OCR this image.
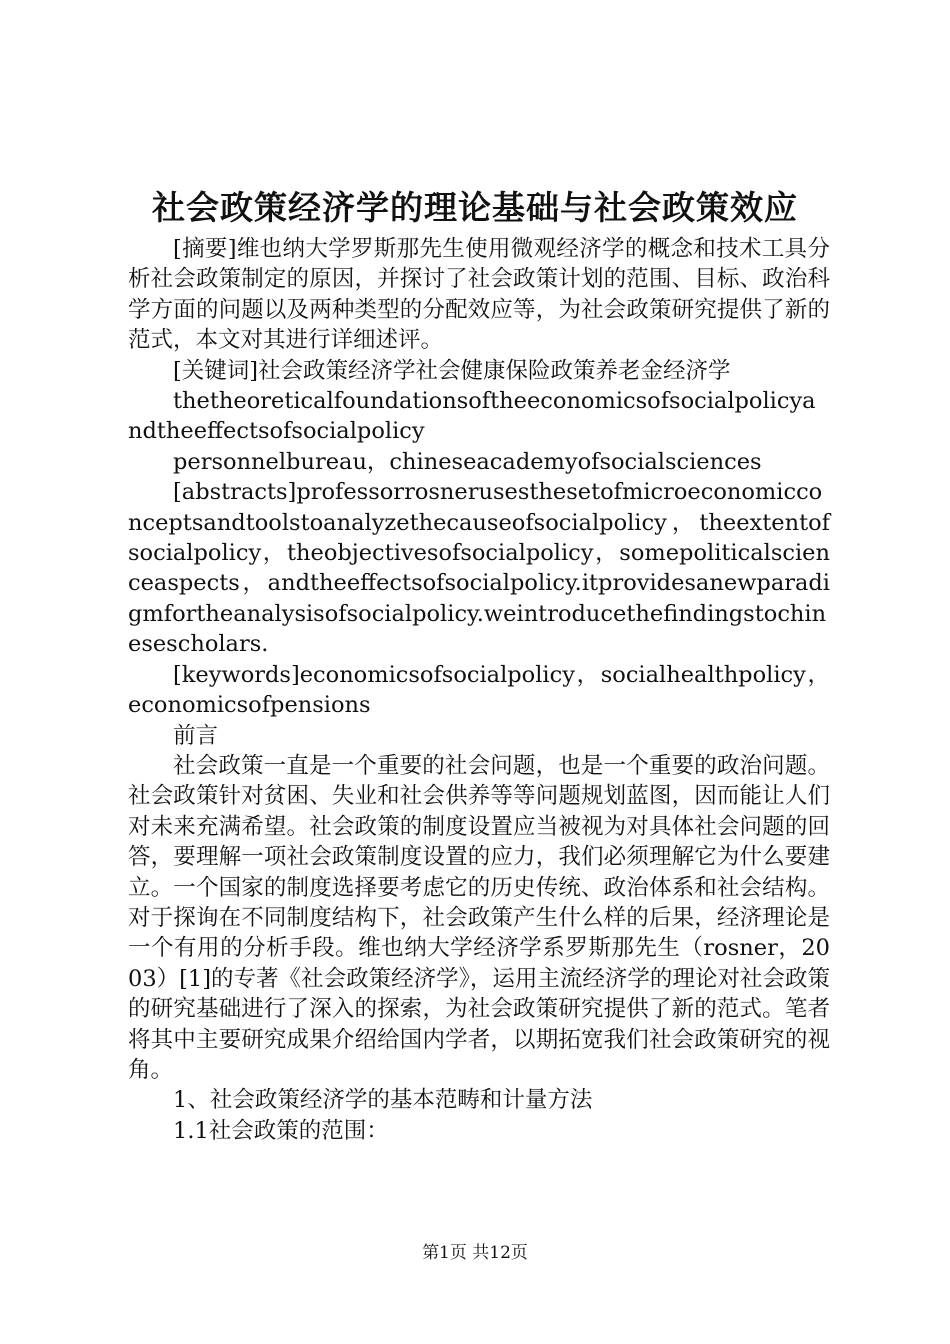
社会政策经济学的理论基础与社会政策效应

[摘要]维也纳大学罗斯那先生使用微观经济学的概念和技术工具分析社会政策制定的原因，并探讨了社会政策计划的范围、目标、政治科学方面的问题以及两种类型的分配效应等，为社会政策研究提供了新的范式，本文对其进行详细述评。

[关键词]社会政策经济学社会健康保险政策养老金经济学

thetheoreticalfoundationsoftheeconomicsofsocialpolicyandtheeffectsofsocialpolicy

personnelbureau，chineseacademyofsocialsciences

[abstracts]professorrosnerusesthesetofmicroeconomicconceptsandtoolstoanalyzethecauseofsocialpolicy，theextentofsocialpolicy，theobjectivesofsocialpolicy，somepoliticalscienceaspects，andtheeffectsofsocialpolicy.itprovidesanewparadigmfortheanalysisofsocialpolicy.weintroducethefindingstochinesescholars.

[keywords]economicsofsocialpolicy，socialhealthpolicy，economicsofpensions

前言

社会政策一直是一个重要的社会问题，也是一个重要的政治问题。社会政策针对贫困、失业和社会供养等等问题规划蓝图，因而能让人们对未来充满希望。社会政策的制度设置应当被视为对具体社会问题的回答，要理解一项社会政策制度设置的应力，我们必须理解它为什么要建立。一个国家的制度选择要考虑它的历史传统、政治体系和社会结构。对于探询在不同制度结构下，社会政策产生什么样的后果，经济理论是一个有用的分析手段。维也纳大学经济学系罗斯那先生（rosner，2003）[1]的专著《社会政策经济学》，运用主流经济学的理论对社会政策的研究基础进行了深入的探索，为社会政策研究提供了新的范式。笔者将其中主要研究成果介绍给国内学者，以期拓宽我们社会政策研究的视角。

1、社会政策经济学的基本范畴和计量方法

1.1社会政策的范围：

第1页 共12页
